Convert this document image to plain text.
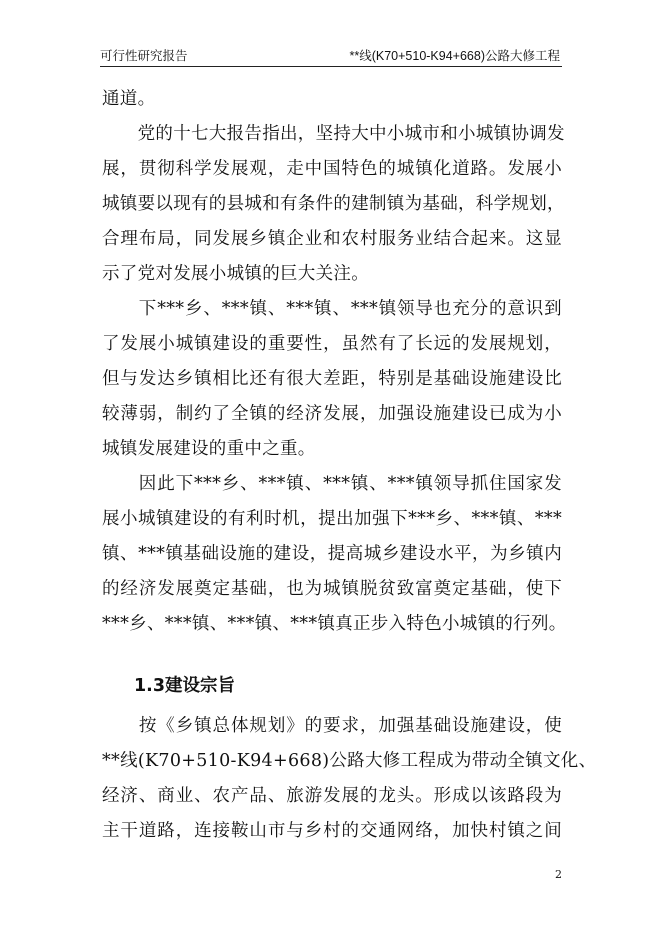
可行性研究报告	**线(K70+510-K94+668)公路大修工程
通道。
　　党的十七大报告指出，坚持大中小城市和小城镇协调发
展，贯彻科学发展观，走中国特色的城镇化道路。发展小
城镇要以现有的县城和有条件的建制镇为基础，科学规划，
合理布局，同发展乡镇企业和农村服务业结合起来。这显
示了党对发展小城镇的巨大关注。
　　下***乡、***镇、***镇、***镇领导也充分的意识到
了发展小城镇建设的重要性，虽然有了长远的发展规划，
但与发达乡镇相比还有很大差距，特别是基础设施建设比
较薄弱，制约了全镇的经济发展，加强设施建设已成为小
城镇发展建设的重中之重。
　　因此下***乡、***镇、***镇、***镇领导抓住国家发
展小城镇建设的有利时机，提出加强下***乡、***镇、***
镇、***镇基础设施的建设，提高城乡建设水平，为乡镇内
的经济发展奠定基础，也为城镇脱贫致富奠定基础，使下
***乡、***镇、***镇、***镇真正步入特色小城镇的行列。
1.3建设宗旨
　　按《乡镇总体规划》的要求，加强基础设施建设，使
**线(K70+510-K94+668)公路大修工程成为带动全镇文化、
经济、商业、农产品、旅游发展的龙头。形成以该路段为
主干道路，连接鞍山市与乡村的交通网络，加快村镇之间
2
